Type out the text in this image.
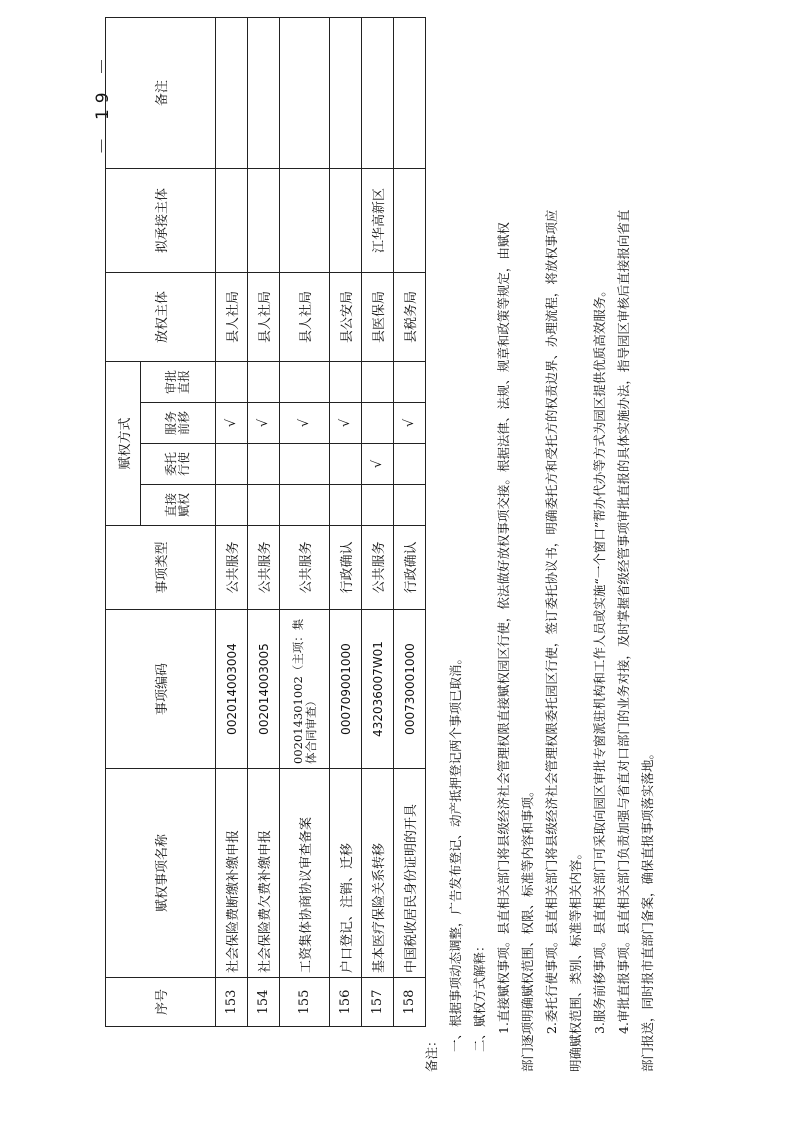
－ 19 －
序号	赋权事项名称	事项编码	事项类型	赋权方式				放权主体	拟承接主体	备注
				直接赋权	委托行使	服务前移	审批直报			
153	社会保险费断缴补缴申报	002014003004	公共服务			√		县人社局		
154	社会保险费欠费补缴申报	002014003005	公共服务			√		县人社局		
155	工资集体协商协议审查备案	002014301002（主项：集体合同审查）	公共服务			√		县人社局		
156	户口登记、注销、迁移	000709001000	行政确认			√		县公安局		
157	基本医疗保险关系转移	432036007W01	公共服务		√			县医保局	江华高新区	
158	中国税收居民身份证明的开具	000730001000	行政确认			√		县税务局		

备注：

一、根据事项动态调整，广告发布登记、动产抵押登记两个事项已取消。 二、赋权方式解释： 1.直接赋权事项。县直相关部门将县级经济社会管理权限直接赋权园区行使，依法做好放权事项交接。根据法律、法规、规章和政策等规定，由赋权 部门逐项明确赋权范围、权限、标准等内容和事项。 2.委托行使事项。县直相关部门将县级经济社会管理权限委托园区行使，签订委托协议书，明确委托方和受托方的权责边界、办理流程，将放权事项应 明确赋权范围、类别、标准等相关内容。 3.服务前移事项。县直相关部门可采取向园区审批专窗派驻机构和工作人员或实施“一个窗口”帮办代办等方式为园区提供优质高效服务。 4.审批直报事项。县直相关部门负责加强与省直对口部门的业务对接，及时掌握省级经管事项审批直报的具体实施办法，指导园区审核后直接报向省直 部门报送，同时报市直部门备案，确保直报事项落实落地。
